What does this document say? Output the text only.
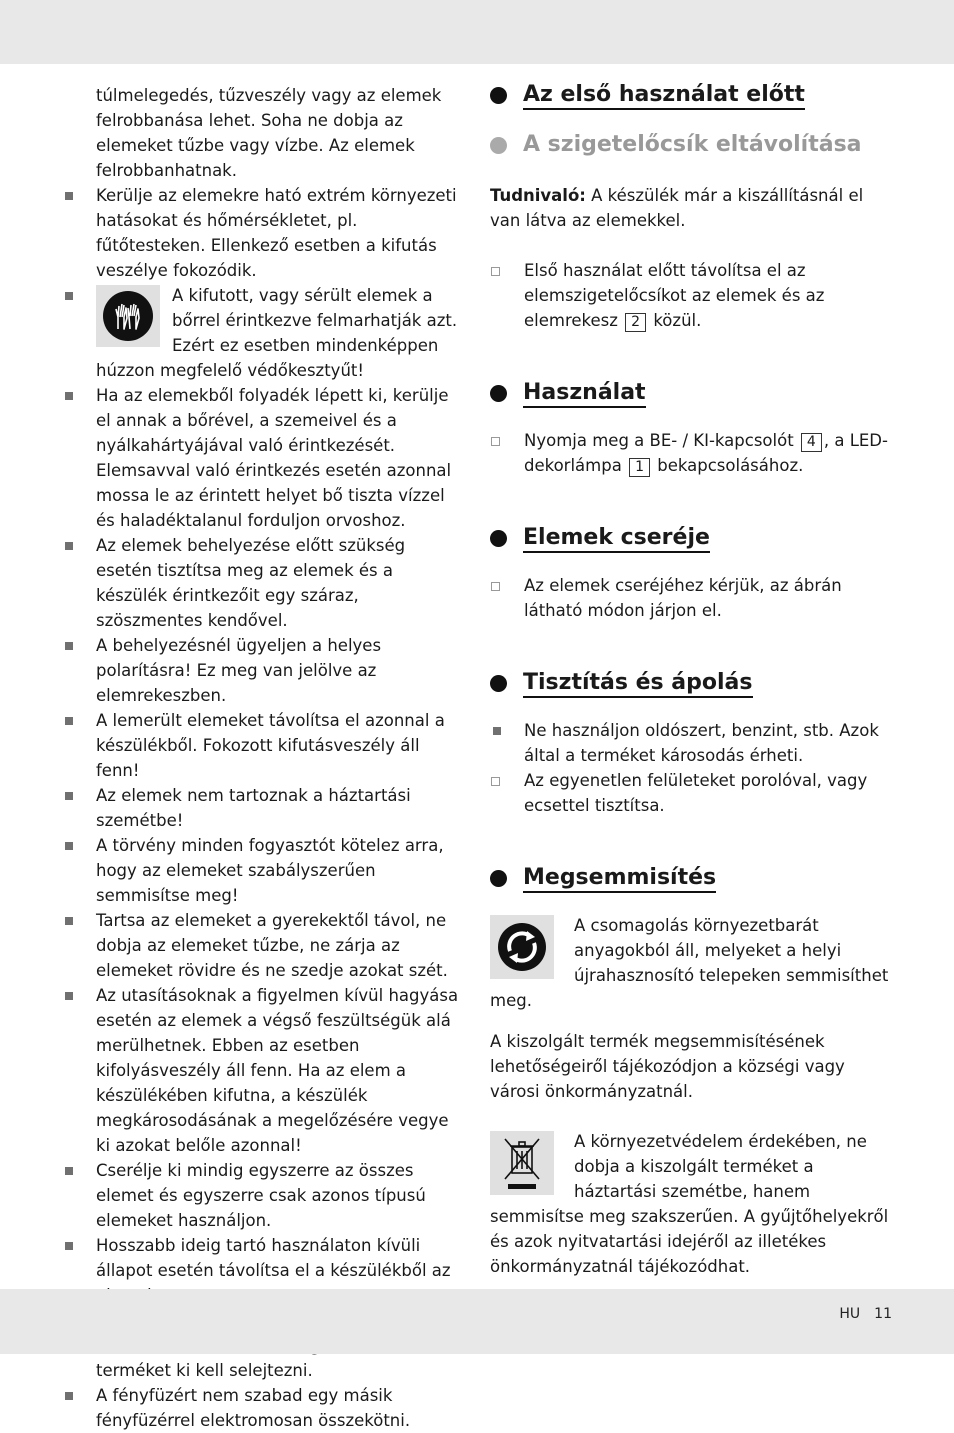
túlmelegedés, tűzveszély vagy az elemek felrobbanása lehet. Soha ne dobja az elemeket tűzbe vagy vízbe. Az elemek felrobbanhatnak.

Kerülje az elemekre ható extrém környezeti hatásokat és hőmérsékletet, pl. fűtőtesteken. Ellenkező esetben a kifutás veszélye fokozódik.
A kifutott, vagy sérült elemek a bőrrel érintkezve felmarhatják azt. Ezért ez esetben mindenképpen húzzon megfelelő védőkesztyűt!
Ha az elemekből folyadék lépett ki, kerülje el annak a bőrével, a szemeivel és a nyálkahártyájával való érintkezését. Elemsavval való érintkezés esetén azonnal mossa le az érintett helyet bő tiszta vízzel és haladéktalanul forduljon orvoshoz.
Az elemek behelyezése előtt szükség esetén tisztítsa meg az elemek és a készülék érintkezőit egy száraz, szöszmentes kendővel.
A behelyezésnél ügyeljen a helyes polarításra! Ez meg van jelölve az elemrekeszben.
A lemerült elemeket távolítsa el azonnal a készülékből. Fokozott kifutásveszély áll fenn!
Az elemek nem tartoznak a háztartási szemétbe!
A törvény minden fogyasztót kötelez arra, hogy az elemeket szabályszerűen semmisítse meg!
Tartsa az elemeket a gyerekektől távol, ne dobja az elemeket tűzbe, ne zárja az elemeket rövidre és ne szedje azokat szét.
Az utasításoknak a figyelmen kívül hagyása esetén az elemek a végső feszültségük alá merülhetnek. Ebben az esetben kifolyásveszély áll fenn. Ha az elem a készülékében kifutna, a készülék megkárosodásának a megelőzésére vegye ki azokat belőle azonnal!
Cserélje ki mindig egyszerre az összes elemet és egyszerre csak azonos típusú elemeket használjon.
Hosszabb ideig tartó használaton kívüli állapot esetén távolítsa el a készülékből az
terméket ki kell selejtezni.
A fényfüzért nem szabad egy másik fényfüzérrel elektromosan összekötni.
Az első használat előtt
A szigetelőcsík eltávolítása

Tudnivaló: A készülék már a kiszállításnál el van látva az elemekkel.

Első használat előtt távolítsa el az elemszigetelőcsíkot az elemek és az elemrekesz 2 közül.
Használat
Nyomja meg a BE- / KI-kapcsolót 4 , a LED-dekorlámpa 1 bekapcsolásához.
Elemek cseréje
Az elemek cseréjéhez kérjük, az ábrán látható módon járjon el.
Tisztítás és ápolás
Ne használjon oldószert, benzint, stb. Azok által a terméket károsodás érheti.
Az egyenetlen felületeket porolóval, vagy ecsettel tisztítsa.
Megsemmisítés

A csomagolás környezetbarát anyagokból áll, melyeket a helyi újrahasznosító telepeken semmisíthet meg.

A kiszolgált termék megsemmisítésének lehetőségeiről tájékozódjon a községi vagy városi önkormányzatnál.

A környezetvédelem érdekében, ne dobja a kiszolgált terméket a háztartási szemétbe, hanem semmisítse meg szakszerűen. A gyűjtőhelyekről és azok nyitvatartási idejéről az illetékes önkormányzatnál tájékozódhat.

HU 11
